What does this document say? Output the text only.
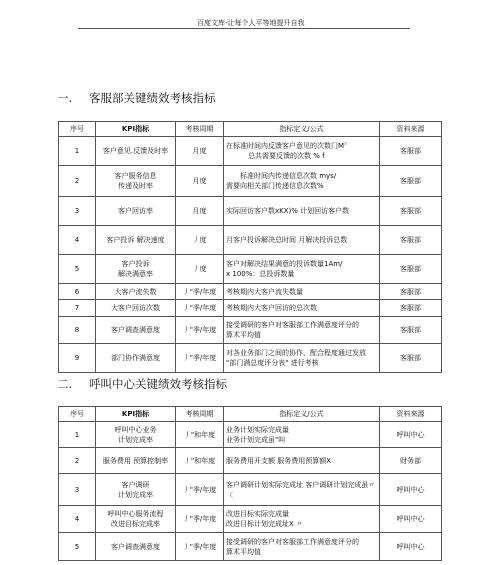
百度文库-让每个人平等地提升自我
一. 客服部关键绩效考核指标
序号	KPI指标	考核周期	指标定义/公式	资料来源
1	客户意见.反馈及时率	月度	在标准时间内反馈客户意见的次数门M〞
总共需要反馈的次数 % f	客服部
2	客户服务信息
传递及时率	月度	标准时间内传递信息次数 mys/
需要向相关部门传递信息次数%	客服部
3	客户回访率	月度	实际回访客户数xKX)% 计划回访客户数	客服部
4	客户投诉 解决速度	丿度	月客户投诉解决总时间 月解决投诉总数	客服部
5	客户投诉
解决满意率	丿度	客户对解决结果满意的投诉数量1Am/
x 100%：总投诉数量	客服部
6	大客户流失数	丿"季/年度	考核期内大客户流失数量	客服部
7	大客户回访次数	丿"季/年度	考核期内大客户回访的总次数	客服部
8	客户调查满意度	丿"季/年度	接受调研的客户对客服部工作满意度评分的
算术平均值	客服部
9	部门协作满意度	丿"季/年度	对各业务部门之间的协作、配合程度通过发放
"部门满总度评分表" 进行考核	客服部
二. 呼叫中心关键绩效考核指标
序号	KPI指标	考核周期	指标定义/公式	资料来源
1	呼叫中心业务
计划完成率	丿"和年度	业务计划实际完成量
业务计划完成虽"叫	呼叫中心
2	服务费用 预算控制率	丿"和年度	服务费用开支额 服务费用预算额X	财务部
3	客户调研
计划完成率	丿"季/年度	客户调研计划实际完成址 客户调研计划完成虽〃
〈	呼叫中心
4	呼叫中心服务流程
改进目标完成率	丿"季/年度	改进目标实际完成量
改进目标计划完成址X 〃	呼叫中心
5	客户调查满意度	丿"季/年度	接受调研的客户对客服部工作满意度评分的
算术平均值	呼叫中心
